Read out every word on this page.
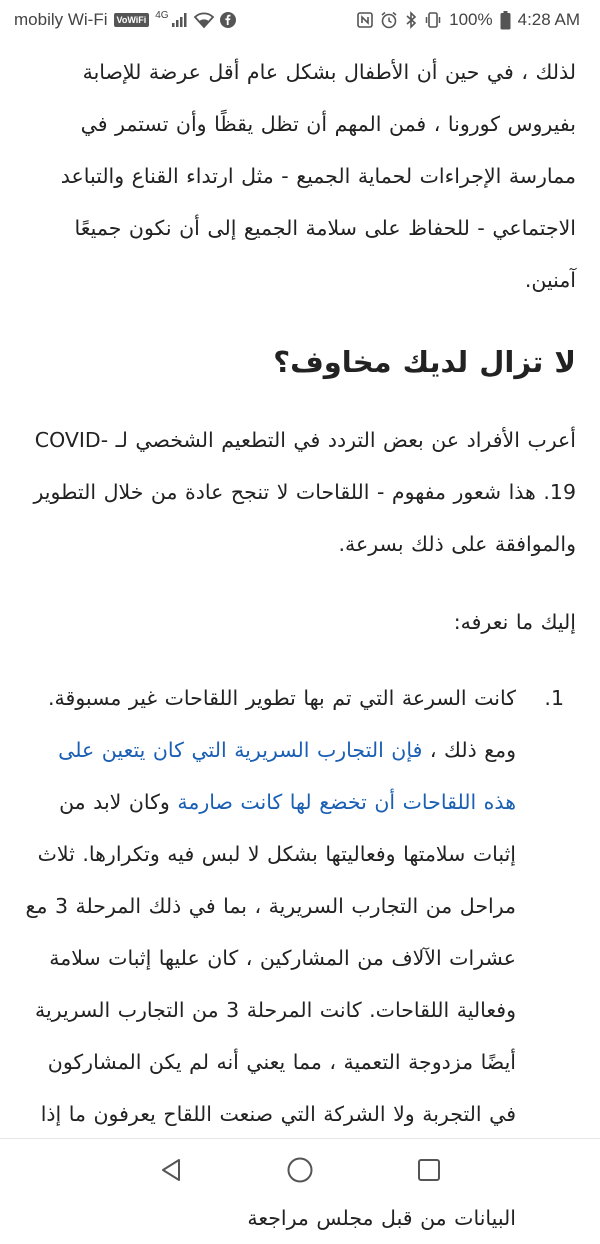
mobily Wi-Fi	VoWiFi 4G	100% 4:28 AM

لذلك ، في حين أن الأطفال بشكل عام أقل عرضة للإصابة بفيروس كورونا ، فمن المهم أن تظل يقظًا وأن تستمر في ممارسة الإجراءات لحماية الجميع - مثل ارتداء القناع والتباعد الاجتماعي - للحفاظ على سلامة الجميع إلى أن نكون جميعًا آمنين.

لا تزال لديك مخاوف؟

أعرب الأفراد عن بعض التردد في التطعيم الشخصي لـ COVID-19. هذا شعور مفهوم - اللقاحات لا تنجح عادة من خلال التطوير والموافقة على ذلك بسرعة.

إليك ما نعرفه:

1.
كانت السرعة التي تم بها تطوير اللقاحات غير مسبوقة. ومع ذلك ، فإن التجارب السريرية التي كان يتعين على هذه اللقاحات أن تخضع لها كانت صارمة وكان لابد من إثبات سلامتها وفعاليتها بشكل لا لبس فيه وتكرارها. ثلاث مراحل من التجارب السريرية ، بما في ذلك المرحلة 3 مع عشرات الآلاف من المشاركين ، كان عليها إثبات سلامة وفعالية اللقاحات. كانت المرحلة 3 من التجارب السريرية أيضًا مزدوجة التعمية ، مما يعني أنه لم يكن المشاركون في التجربة ولا الشركة التي صنعت اللقاح يعرفون ما إذا البيانات من قبل مجلس مراجعة
